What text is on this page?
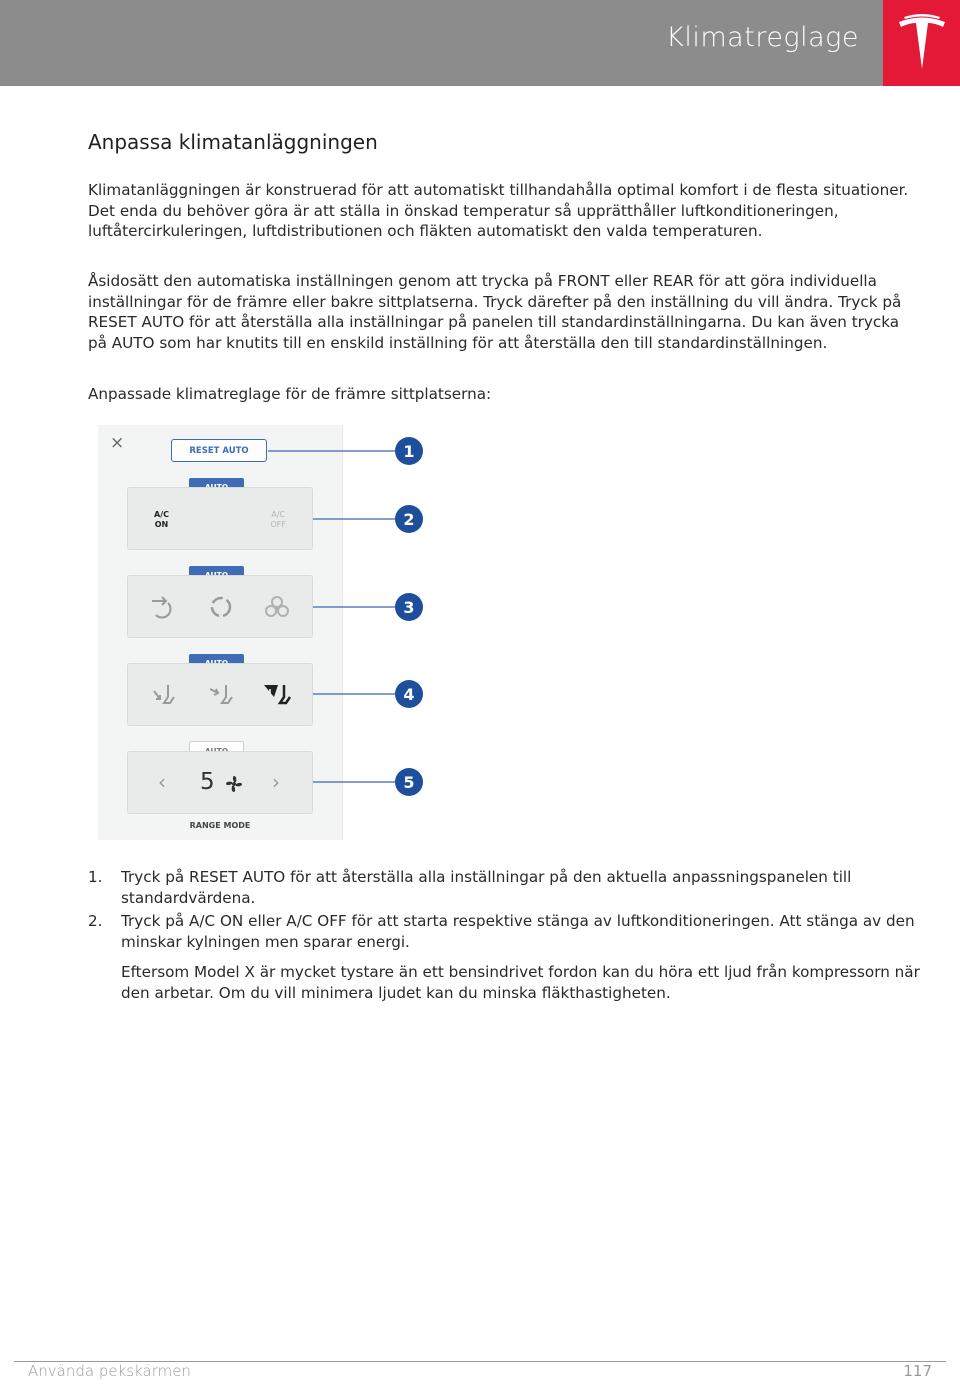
Klimatreglage
Anpassa klimatanläggningen

Klimatanläggningen är konstruerad för att automatiskt tillhandahålla optimal komfort i de flesta situationer. Det enda du behöver göra är att ställa in önskad temperatur så upprätthåller luftkonditioneringen, luftåtercirkuleringen, luftdistributionen och fläkten automatiskt den valda temperaturen.

Åsidosätt den automatiska inställningen genom att trycka på FRONT eller REAR för att göra individuella inställningar för de främre eller bakre sittplatserna. Tryck därefter på den inställning du vill ändra. Tryck på RESET AUTO för att återställa alla inställningar på panelen till standardinställningarna. Du kan även trycka på AUTO som har knutits till en enskild inställning för att återställa den till standardinställningen.

Anpassade klimatreglage för de främre sittplatserna:

×	RESET AUTO
A/C
ON
A/C
OFF
‹ 5	›
RANGE MODE
1
2
3
4
5
1. Tryck på RESET AUTO för att återställa alla inställningar på den aktuella anpassningspanelen till standardvärdena.
2. Tryck på A/C ON eller A/C OFF för att starta respektive stänga av luftkonditioneringen. Att stänga av den minskar kylningen men sparar energi.
Eftersom Model X är mycket tystare än ett bensindrivet fordon kan du höra ett ljud från kompressorn när den arbetar. Om du vill minimera ljudet kan du minska fläkthastigheten.
Använda pekskärmen	117
